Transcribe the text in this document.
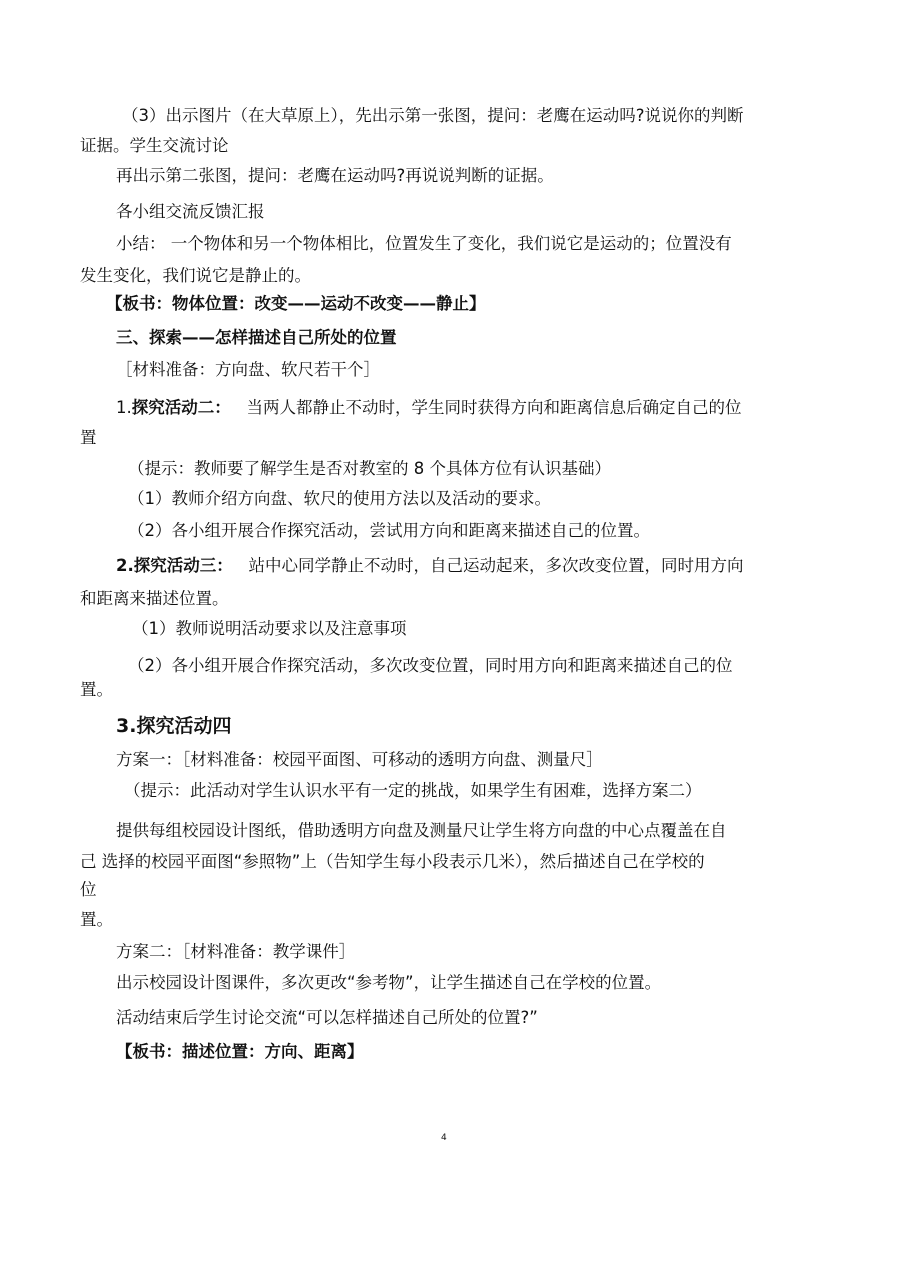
（3）出示图片（在大草原上），先出示第一张图，提问：老鹰在运动吗?说说你的判断
证据。学生交流讨论
再出示第二张图，提问：老鹰在运动吗?再说说判断的证据。
各小组交流反馈汇报
小结： 一个物体和另一个物体相比，位置发生了变化，我们说它是运动的；位置没有
发生变化，我们说它是静止的。
【板书：物体位置：改变——运动不改变——静止】
三、探索——怎样描述自己所处的位置
［材料准备：方向盘、软尺若干个］
1.探究活动二： 当两人都静止不动时，学生同时获得方向和距离信息后确定自己的位
置
（提示：教师要了解学生是否对教室的 8 个具体方位有认识基础）
（1）教师介绍方向盘、软尺的使用方法以及活动的要求。
（2）各小组开展合作探究活动，尝试用方向和距离来描述自己的位置。
2.探究活动三： 站中心同学静止不动时，自己运动起来，多次改变位置，同时用方向
和距离来描述位置。
（1）教师说明活动要求以及注意事项
（2）各小组开展合作探究活动，多次改变位置，同时用方向和距离来描述自己的位
置。
3.探究活动四
方案一：［材料准备：校园平面图、可移动的透明方向盘、测量尺］
（提示：此活动对学生认识水平有一定的挑战，如果学生有困难，选择方案二）
提供每组校园设计图纸，借助透明方向盘及测量尺让学生将方向盘的中心点覆盖在自
己 选择的校园平面图“参照物”上（告知学生每小段表示几米），然后描述自己在学校的
位
置。
方案二：［材料准备：教学课件］
出示校园设计图课件，多次更改“参考物”，让学生描述自己在学校的位置。
活动结束后学生讨论交流“可以怎样描述自己所处的位置?”
【板书：描述位置：方向、距离】
4
